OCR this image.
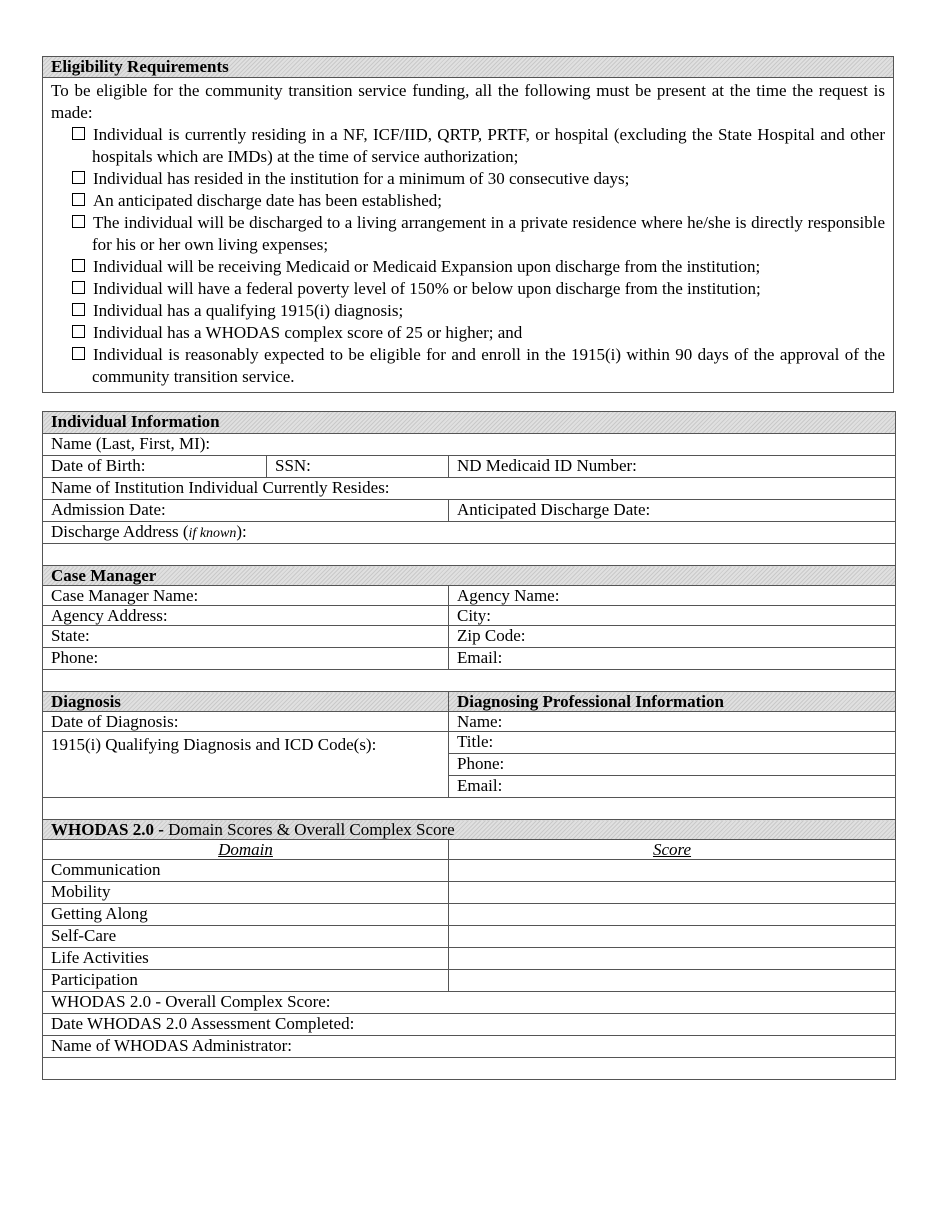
Eligibility Requirements
To be eligible for the community transition service funding, all the following must be present at the time the request is made:
Individual is currently residing in a NF, ICF/IID, QRTP, PRTF, or hospital (excluding the State Hospital and other hospitals which are IMDs) at the time of service authorization;
Individual has resided in the institution for a minimum of 30 consecutive days;
An anticipated discharge date has been established;
The individual will be discharged to a living arrangement in a private residence where he/she is directly responsible for his or her own living expenses;
Individual will be receiving Medicaid or Medicaid Expansion upon discharge from the institution;
Individual will have a federal poverty level of 150% or below upon discharge from the institution;
Individual has a qualifying 1915(i) diagnosis;
Individual has a WHODAS complex score of 25 or higher; and
Individual is reasonably expected to be eligible for and enroll in the 1915(i) within 90 days of the approval of the community transition service.
Individual Information		
Name (Last, First, MI):		
Date of Birth:	SSN:	ND Medicaid ID Number:
Name of Institution Individual Currently Resides:		
Admission Date:		Anticipated Discharge Date:
Discharge Address (if known):		

Case Manager		
Case Manager Name:		Agency Name:
Agency Address:		City:
State:		Zip Code:
Phone:		Email:

Diagnosis		Diagnosing Professional Information
Date of Diagnosis:		Name:
1915(i) Qualifying Diagnosis and ICD Code(s):		Title:
		Phone:
		Email:

WHODAS 2.0 - Domain Scores & Overall Complex Score		
Domain		Score
Communication		
Mobility		
Getting Along		
Self-Care		
Life Activities		
Participation		
WHODAS 2.0 - Overall Complex Score:		
Date WHODAS 2.0 Assessment Completed:		
Name of WHODAS Administrator:		
